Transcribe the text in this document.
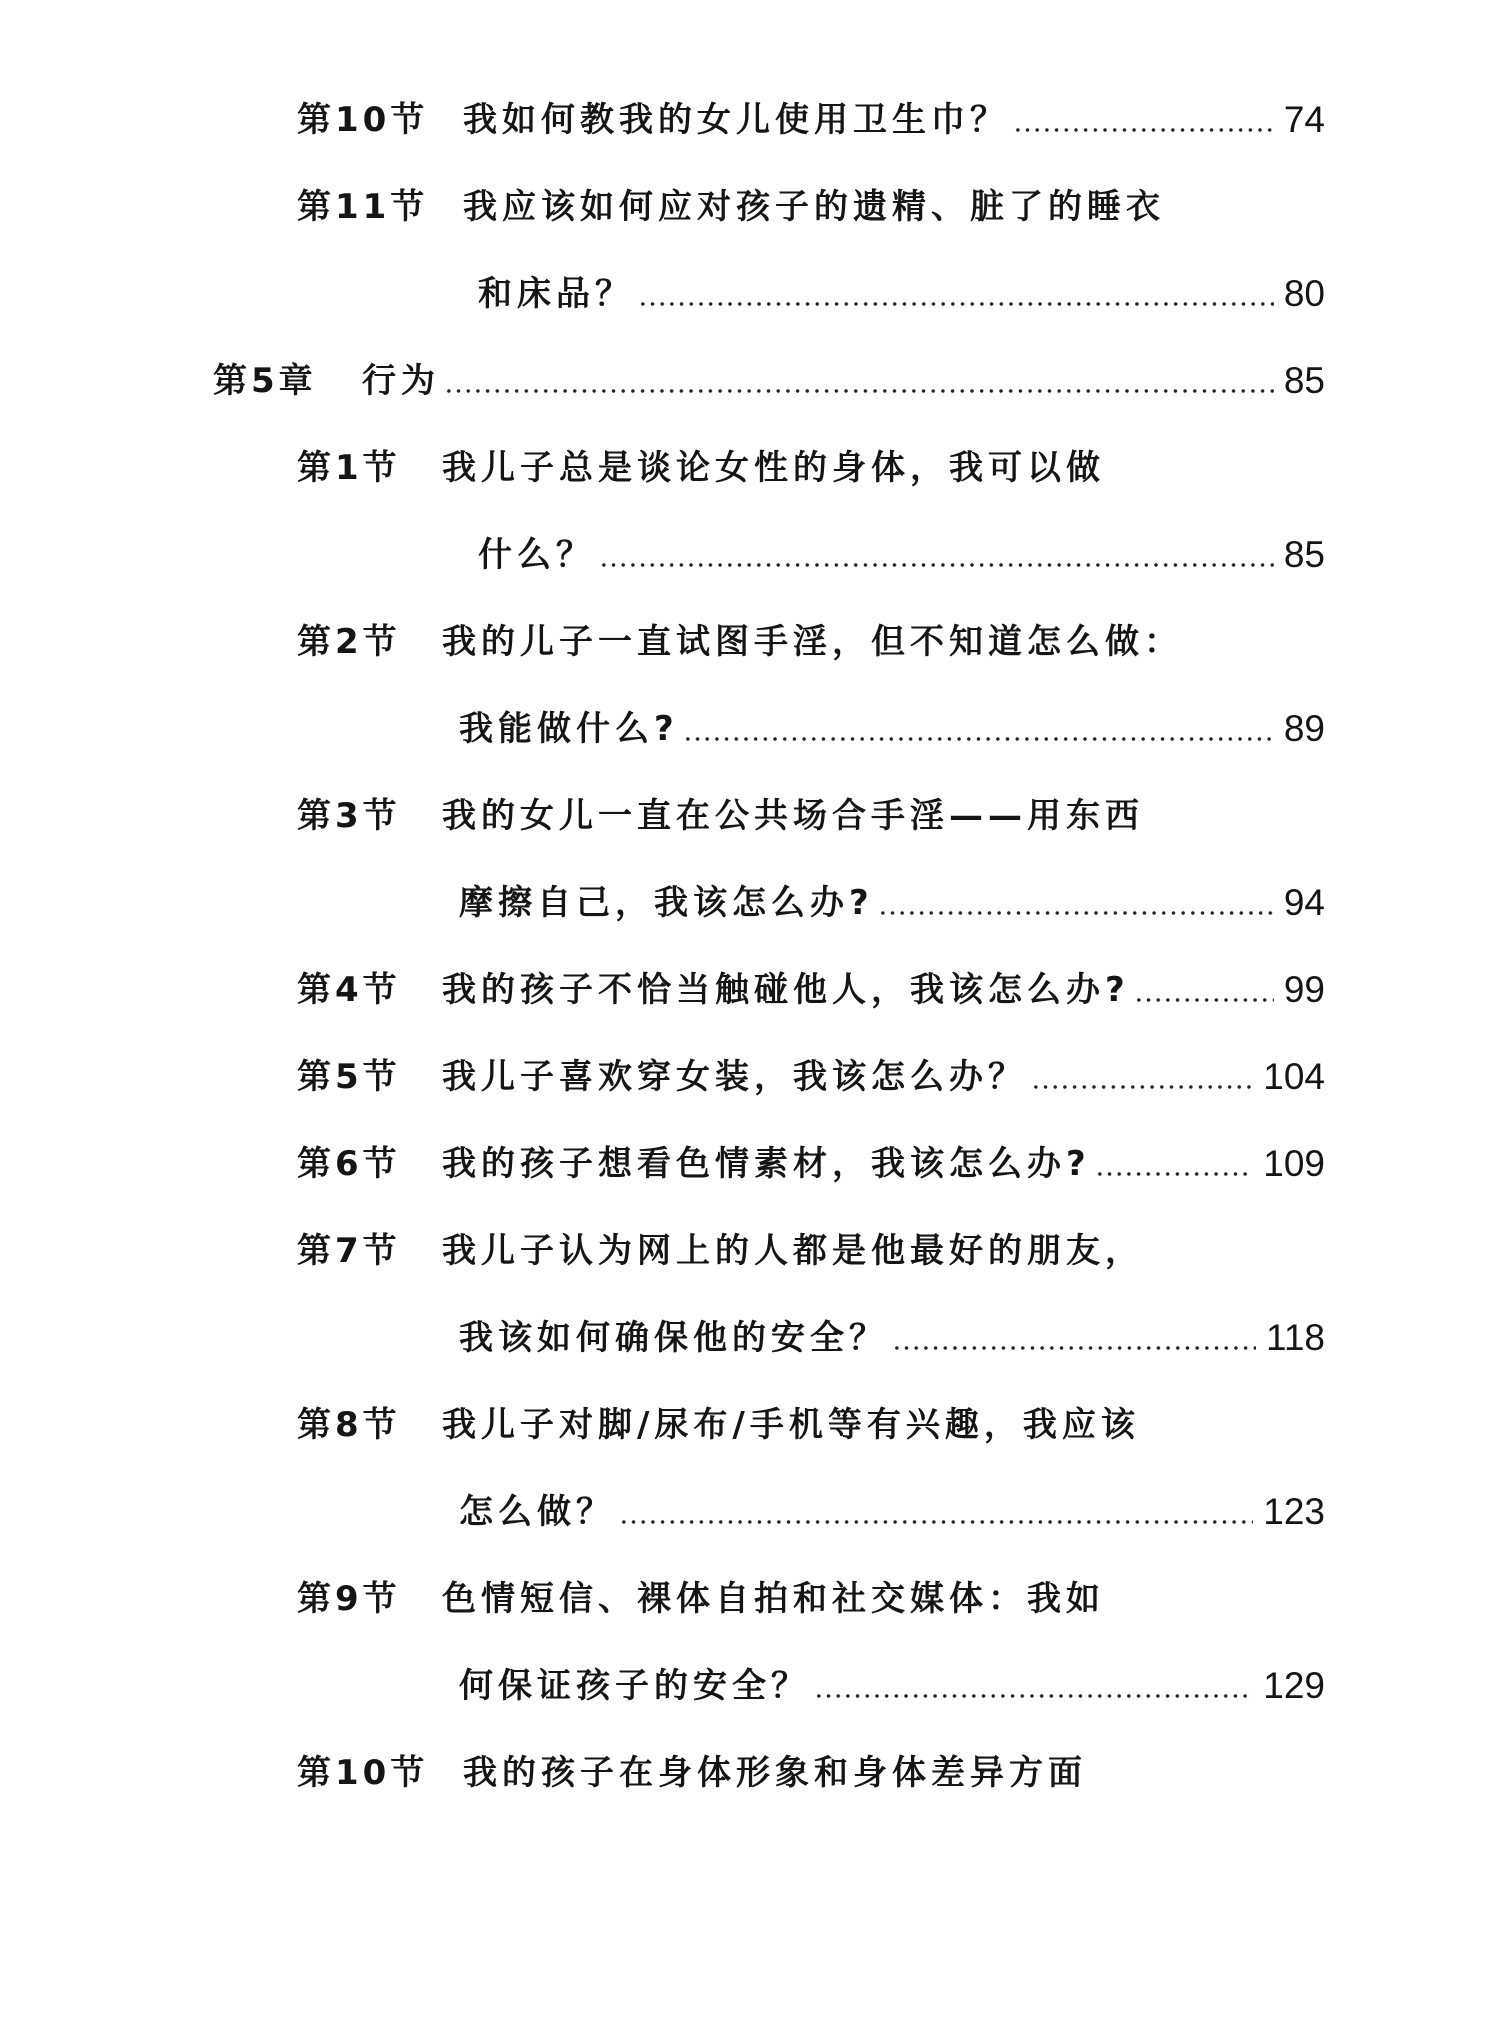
第10节 我如何教我的女儿使用卫生巾？	74
第11节 我应该如何应对孩子的遗精、脏了的睡衣
和床品？	80
第5章 行为	85
第1节 我儿子总是谈论女性的身体，我可以做
什么？	85
第2节 我的儿子一直试图手淫，但不知道怎么做：
我能做什么?	89
第3节 我的女儿一直在公共场合手淫——用东西
摩擦自己，我该怎么办?	94
第4节 我的孩子不恰当触碰他人，我该怎么办?	99
第5节 我儿子喜欢穿女装，我该怎么办？	104
第6节 我的孩子想看色情素材，我该怎么办?	109
第7节 我儿子认为网上的人都是他最好的朋友，
我该如何确保他的安全？	118
第8节 我儿子对脚/尿布/手机等有兴趣，我应该
怎么做？	123
第9节 色情短信、裸体自拍和社交媒体：我如
何保证孩子的安全？	129
第10节 我的孩子在身体形象和身体差异方面
